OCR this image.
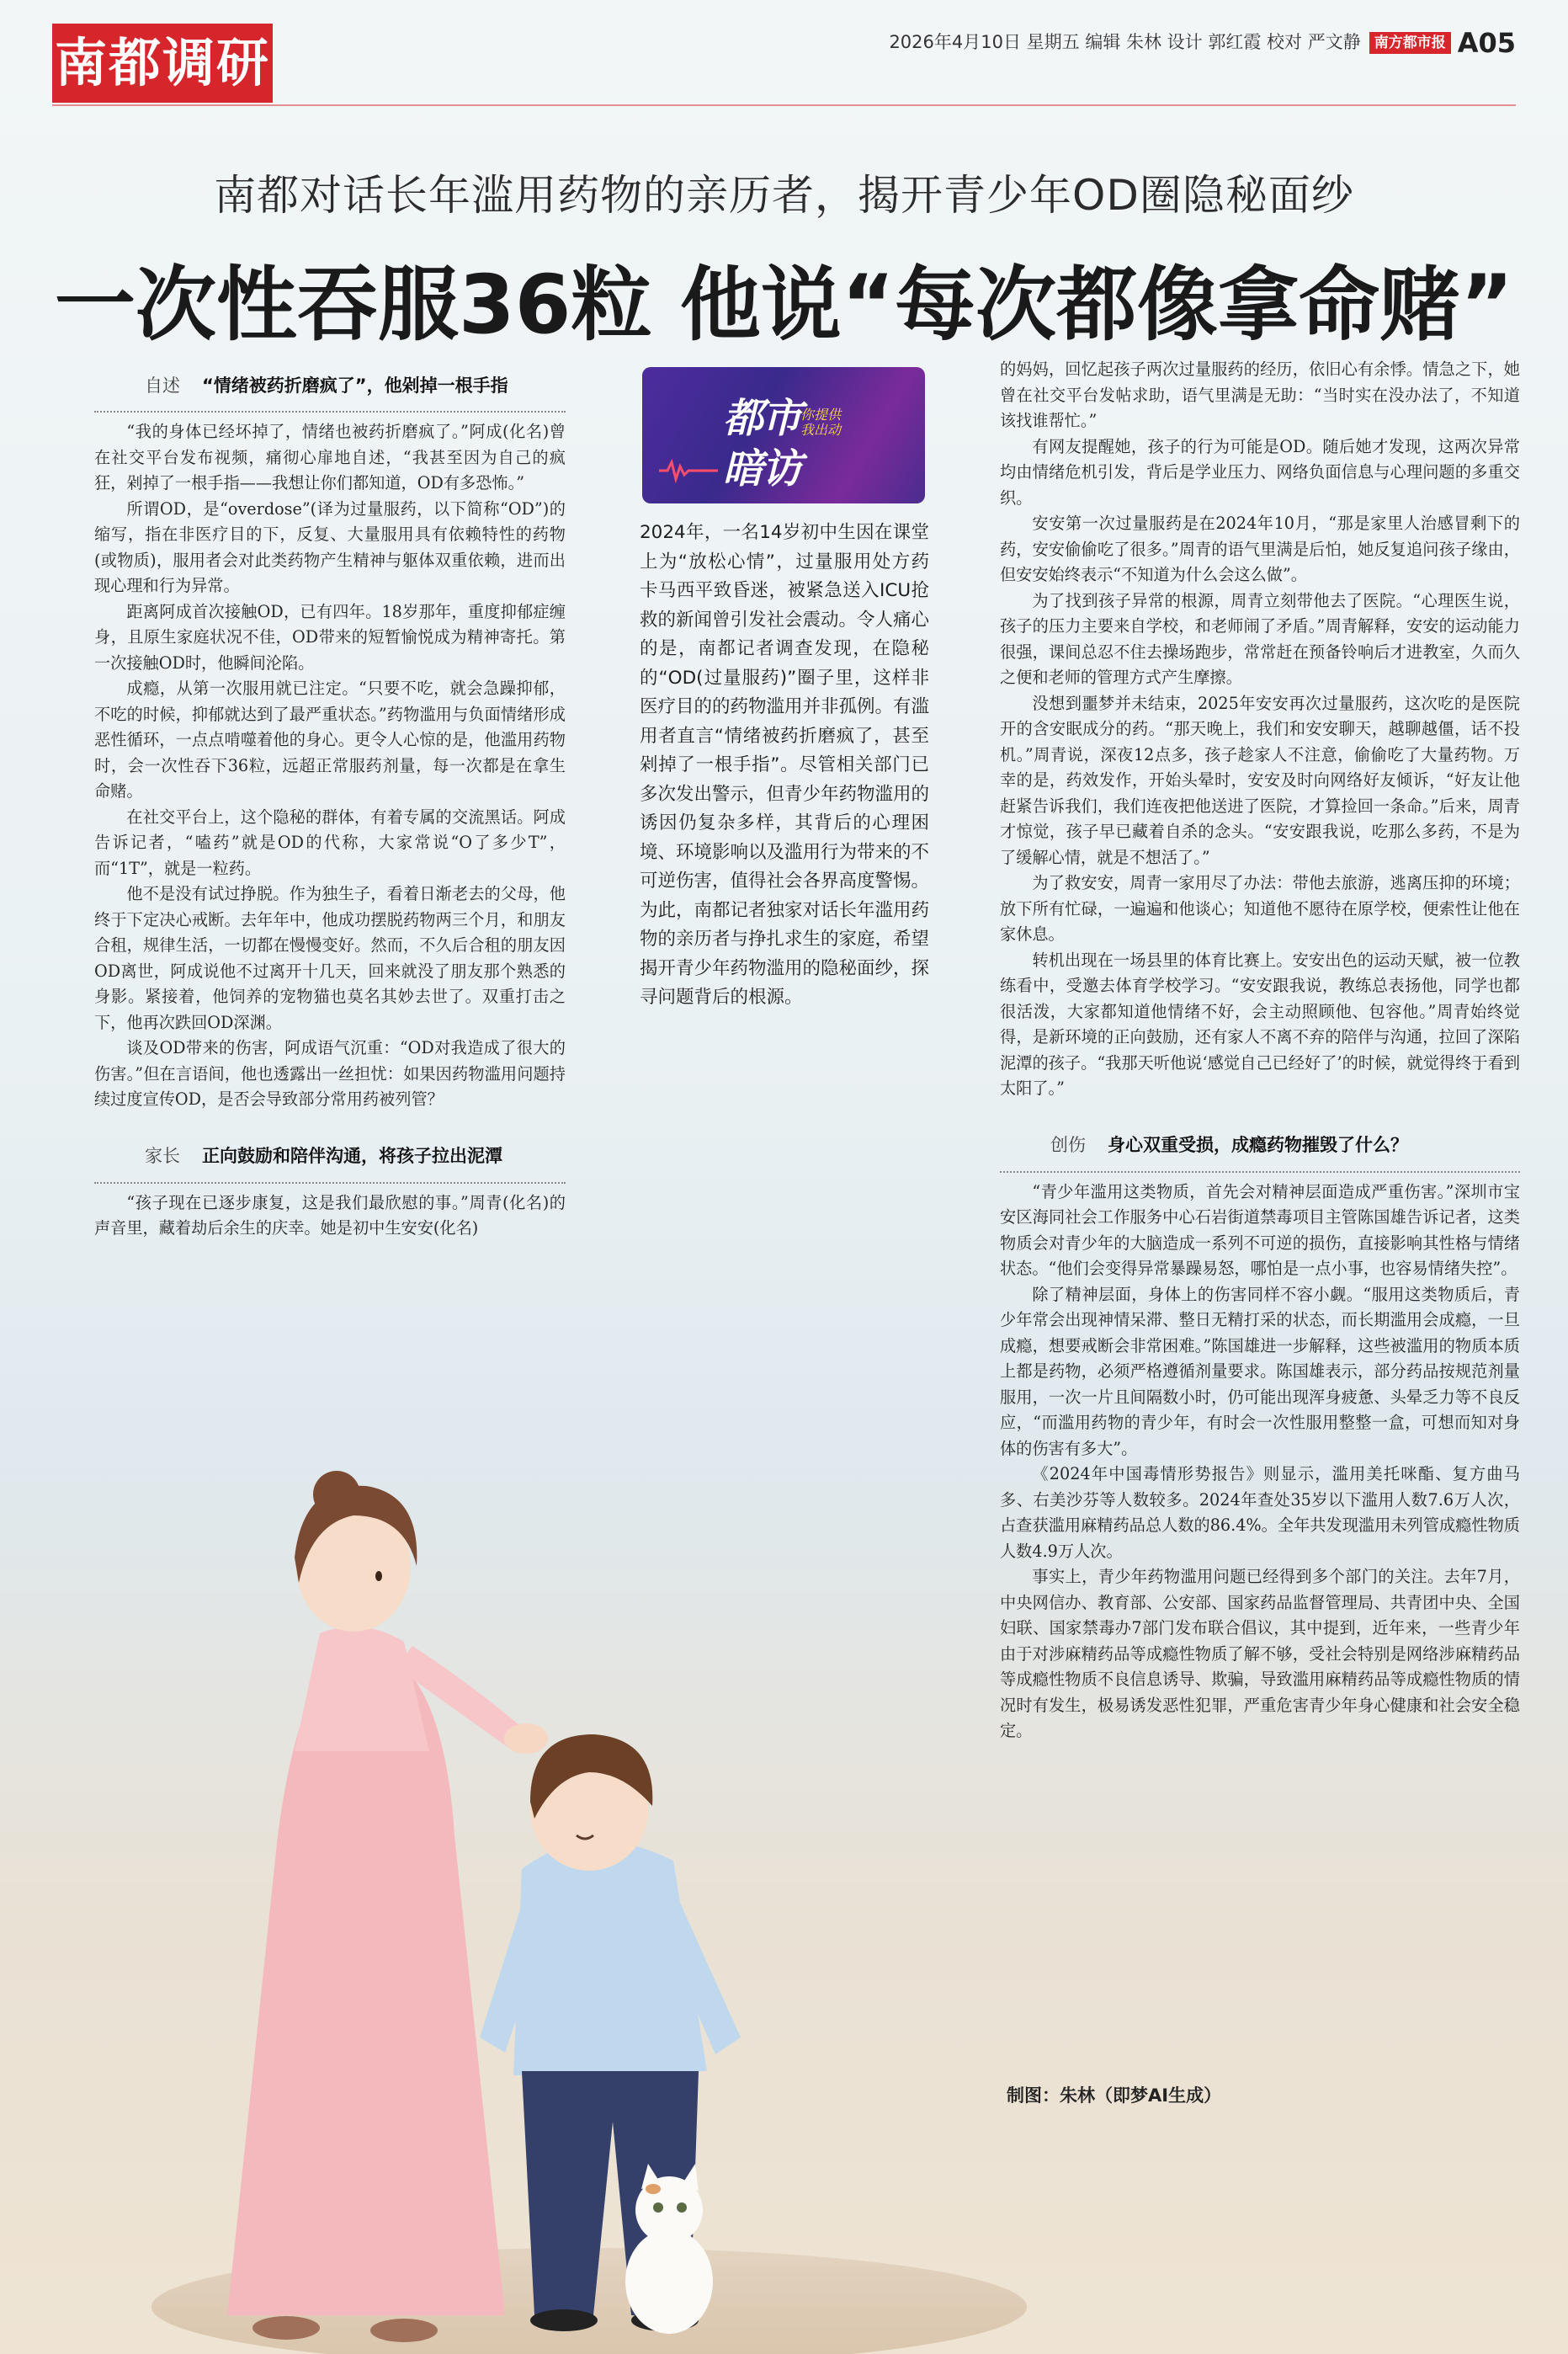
南都调研	2026年4月10日 星期五 编辑 朱林 设计 郭红霞 校对 严文静 南方都市报 A05
南都对话长年滥用药物的亲历者，揭开青少年OD圈隐秘面纱
一次性吞服36粒 他说“每次都像拿命赌”
自述 “情绪被药折磨疯了”，他剁掉一根手指

“我的身体已经坏掉了，情绪也被药折磨疯了。”阿成(化名)曾在社交平台发布视频，痛彻心扉地自述，“我甚至因为自己的疯狂，剁掉了一根手指——我想让你们都知道，OD有多恐怖。”

所谓OD，是“overdose”(译为过量服药，以下简称“OD”)的缩写，指在非医疗目的下，反复、大量服用具有依赖特性的药物(或物质)，服用者会对此类药物产生精神与躯体双重依赖，进而出现心理和行为异常。

距离阿成首次接触OD，已有四年。18岁那年，重度抑郁症缠身，且原生家庭状况不佳，OD带来的短暂愉悦成为精神寄托。第一次接触OD时，他瞬间沦陷。

成瘾，从第一次服用就已注定。“只要不吃，就会急躁抑郁，不吃的时候，抑郁就达到了最严重状态。”药物滥用与负面情绪形成恶性循环，一点点啃噬着他的身心。更令人心惊的是，他滥用药物时，会一次性吞下36粒，远超正常服药剂量，每一次都是在拿生命赌。

在社交平台上，这个隐秘的群体，有着专属的交流黑话。阿成告诉记者，“嗑药”就是OD的代称，大家常说“O了多少T”，而“1T”，就是一粒药。

他不是没有试过挣脱。作为独生子，看着日渐老去的父母，他终于下定决心戒断。去年年中，他成功摆脱药物两三个月，和朋友合租，规律生活，一切都在慢慢变好。然而，不久后合租的朋友因OD离世，阿成说他不过离开十几天，回来就没了朋友那个熟悉的身影。紧接着，他饲养的宠物猫也莫名其妙去世了。双重打击之下，他再次跌回OD深渊。

谈及OD带来的伤害，阿成语气沉重：“OD对我造成了很大的伤害。”但在言语间，他也透露出一丝担忧：如果因药物滥用问题持续过度宣传OD，是否会导致部分常用药被列管？

家长 正向鼓励和陪伴沟通，将孩子拉出泥潭

“孩子现在已逐步康复，这是我们最欣慰的事。”周青(化名)的声音里，藏着劫后余生的庆幸。她是初中生安安(化名)

都市
暗访
你提供
我出动

2024年，一名14岁初中生因在课堂上为“放松心情”，过量服用处方药卡马西平致昏迷，被紧急送入ICU抢救的新闻曾引发社会震动。令人痛心的是，南都记者调查发现，在隐秘的“OD(过量服药)”圈子里，这样非医疗目的的药物滥用并非孤例。有滥用者直言“情绪被药折磨疯了，甚至剁掉了一根手指”。尽管相关部门已多次发出警示，但青少年药物滥用的诱因仍复杂多样，其背后的心理困境、环境影响以及滥用行为带来的不可逆伤害，值得社会各界高度警惕。

为此，南都记者独家对话长年滥用药物的亲历者与挣扎求生的家庭，希望揭开青少年药物滥用的隐秘面纱，探寻问题背后的根源。

的妈妈，回忆起孩子两次过量服药的经历，依旧心有余悸。情急之下，她曾在社交平台发帖求助，语气里满是无助：“当时实在没办法了，不知道该找谁帮忙。”

有网友提醒她，孩子的行为可能是OD。随后她才发现，这两次异常均由情绪危机引发，背后是学业压力、网络负面信息与心理问题的多重交织。

安安第一次过量服药是在2024年10月，“那是家里人治感冒剩下的药，安安偷偷吃了很多。”周青的语气里满是后怕，她反复追问孩子缘由，但安安始终表示“不知道为什么会这么做”。

为了找到孩子异常的根源，周青立刻带他去了医院。“心理医生说，孩子的压力主要来自学校，和老师闹了矛盾。”周青解释，安安的运动能力很强，课间总忍不住去操场跑步，常常赶在预备铃响后才进教室，久而久之便和老师的管理方式产生摩擦。

没想到噩梦并未结束，2025年安安再次过量服药，这次吃的是医院开的含安眠成分的药。“那天晚上，我们和安安聊天，越聊越僵，话不投机。”周青说，深夜12点多，孩子趁家人不注意，偷偷吃了大量药物。万幸的是，药效发作，开始头晕时，安安及时向网络好友倾诉，“好友让他赶紧告诉我们，我们连夜把他送进了医院，才算捡回一条命。”后来，周青才惊觉，孩子早已藏着自杀的念头。“安安跟我说，吃那么多药，不是为了缓解心情，就是不想活了。”

为了救安安，周青一家用尽了办法：带他去旅游，逃离压抑的环境；放下所有忙碌，一遍遍和他谈心；知道他不愿待在原学校，便索性让他在家休息。

转机出现在一场县里的体育比赛上。安安出色的运动天赋，被一位教练看中，受邀去体育学校学习。“安安跟我说，教练总表扬他，同学也都很活泼，大家都知道他情绪不好，会主动照顾他、包容他。”周青始终觉得，是新环境的正向鼓励，还有家人不离不弃的陪伴与沟通，拉回了深陷泥潭的孩子。“我那天听他说‘感觉自己已经好了’的时候，就觉得终于看到太阳了。”

创伤 身心双重受损，成瘾药物摧毁了什么？

“青少年滥用这类物质，首先会对精神层面造成严重伤害。”深圳市宝安区海同社会工作服务中心石岩街道禁毒项目主管陈国雄告诉记者，这类物质会对青少年的大脑造成一系列不可逆的损伤，直接影响其性格与情绪状态。“他们会变得异常暴躁易怒，哪怕是一点小事，也容易情绪失控”。

除了精神层面，身体上的伤害同样不容小觑。“服用这类物质后，青少年常会出现神情呆滞、整日无精打采的状态，而长期滥用会成瘾，一旦成瘾，想要戒断会非常困难。”陈国雄进一步解释，这些被滥用的物质本质上都是药物，必须严格遵循剂量要求。陈国雄表示，部分药品按规范剂量服用，一次一片且间隔数小时，仍可能出现浑身疲惫、头晕乏力等不良反应，“而滥用药物的青少年，有时会一次性服用整整一盒，可想而知对身体的伤害有多大”。

《2024年中国毒情形势报告》则显示，滥用美托咪酯、复方曲马多、右美沙芬等人数较多。2024年查处35岁以下滥用人数7.6万人次，占查获滥用麻精药品总人数的86.4%。全年共发现滥用未列管成瘾性物质人数4.9万人次。

事实上，青少年药物滥用问题已经得到多个部门的关注。去年7月，中央网信办、教育部、公安部、国家药品监督管理局、共青团中央、全国妇联、国家禁毒办7部门发布联合倡议，其中提到，近年来，一些青少年由于对涉麻精药品等成瘾性物质了解不够，受社会特别是网络涉麻精药品等成瘾性物质不良信息诱导、欺骗，导致滥用麻精药品等成瘾性物质的情况时有发生，极易诱发恶性犯罪，严重危害青少年身心健康和社会安全稳定。

制图：朱林（即梦AI生成）
